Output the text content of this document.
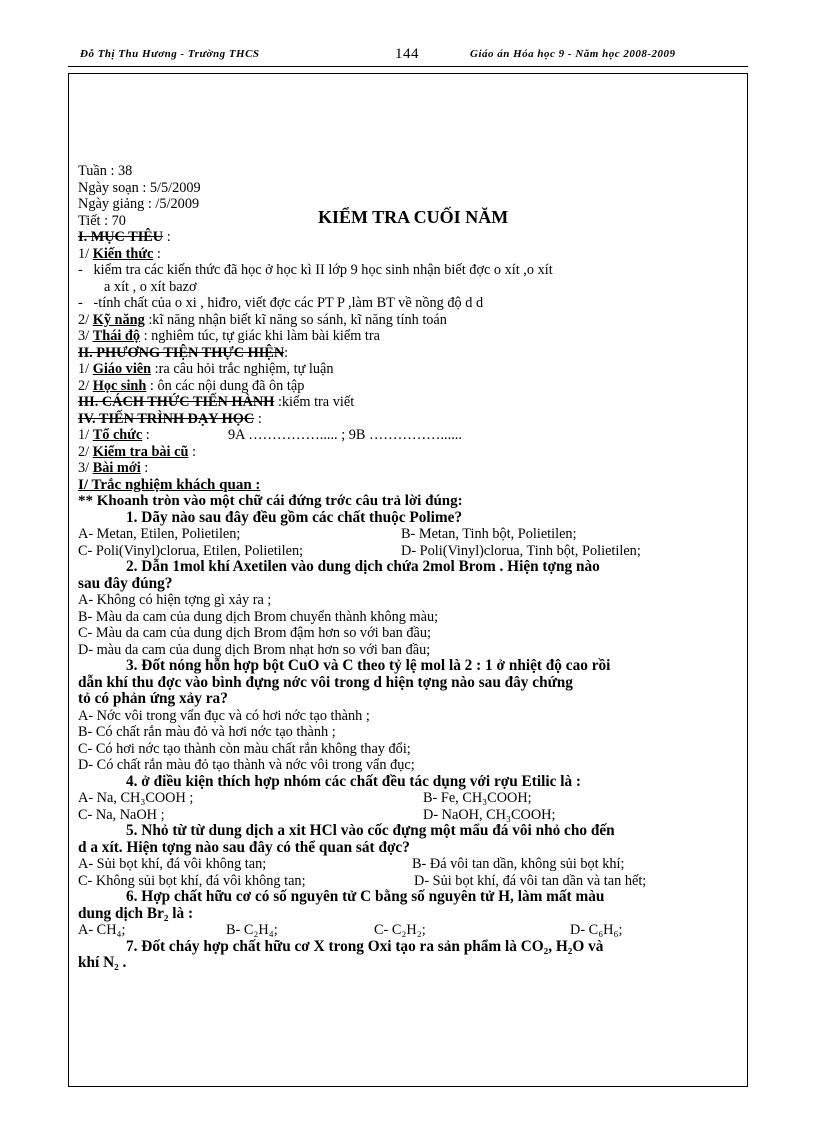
Đỗ Thị Thu Hương - Trường THCS	144	Giáo án Hóa học 9 - Năm học 2008-2009
Tuần : 38
Ngày soạn : 5/5/2009
Ngày giảng : /5/2009
Tiết : 70	KIỂM TRA CUỐI NĂM
I. MỤC TIÊU :
1/ Kiến thức :
-   kiểm tra các kiến thức đã học ở học kì II lớp 9 học sinh nhận biết đợc o xít ,o xít
a xít , o xít bazơ
-   -tính chất của o xi , hiđro, viết đợc các PT P ,làm BT về nồng độ d d
2/ Kỹ năng :kĩ năng nhận biết kĩ năng so sánh, kĩ năng tính toán
3/ Thái độ : nghiêm túc, tự giác khi làm bài kiểm tra
II. PHƯƠNG TIỆN THỰC HIỆN:
1/ Giáo viên :ra câu hỏi trắc nghiệm, tự luận
2/ Học sinh : ôn các nội dung đã ôn tập
III. CÁCH THỨC TIẾN HÀNH :kiểm tra viết
IV. TIẾN TRÌNH DẠY HỌC :
1/ Tổ chức :	9A ……………..... ; 9B ……………......
2/ Kiểm tra bài cũ :
3/ Bài mới :
I/ Trắc nghiệm khách quan :
** Khoanh tròn vào một chữ cái đứng trớc câu trả lời đúng:
1. Dãy nào sau đây đều gồm các chất thuộc Polime?
A- Metan, Etilen, Polietilen;	B- Metan, Tinh bột, Polietilen;
C- Poli(Vinyl)clorua, Etilen, Polietilen;	D- Poli(Vinyl)clorua, Tinh bột, Polietilen;
2. Dẫn 1mol khí Axetilen vào dung dịch chứa 2mol Brom . Hiện tợng nào
sau đây đúng?
A- Không có hiện tợng gì xảy ra ;
B- Màu da cam của dung dịch Brom chuyển thành không màu;
C- Màu da cam của dung dịch Brom đậm hơn so với ban đầu;
D- màu da cam của dung dịch Brom nhạt hơn so với ban đầu;
3. Đốt nóng hỗn hợp bột CuO và C theo tỷ lệ mol là 2 : 1 ở nhiệt độ cao rồi
dẫn khí thu đợc vào bình đựng nớc vôi trong d hiện tợng nào sau đây chứng
tỏ có phản ứng xảy ra?
A- Nớc vôi trong vẩn đục và có hơi nớc tạo thành ;
B- Có chất rắn màu đỏ và hơi nớc tạo thành ;
C- Có hơi nớc tạo thành còn màu chất rắn không thay đổi;
D- Có chất rắn màu đỏ tạo thành và nớc vôi trong vẩn đục;
4. ở điều kiện thích hợp nhóm các chất đều tác dụng với rợu Etilic là :
A- Na, CH₃COOH ;	B- Fe, CH₃COOH;
C- Na, NaOH ;	D- NaOH, CH₃COOH;
5. Nhỏ từ từ dung dịch a xit HCl vào cốc đựng một mẩu đá vôi nhỏ cho đến
d a xít. Hiện tợng nào sau đây có thể quan sát đợc?
A- Sủi bọt khí, đá vôi không tan;	B- Đá vôi tan dần, không sủi bọt khí;
C- Không sủi bọt khí, đá vôi không tan;	D- Sủi bọt khí, đá vôi tan dần và tan hết;
6. Hợp chất hữu cơ có số nguyên tử C bằng số nguyên tử H, làm mất màu
dung dịch Br₂ là :
A- CH₄;	B- C₂H₄;	C- C₂H₂;	D- C₆H₆;
7. Đốt cháy hợp chất hữu cơ X trong Oxi tạo ra sản phẩm là CO₂, H₂O và
khí N₂ .
